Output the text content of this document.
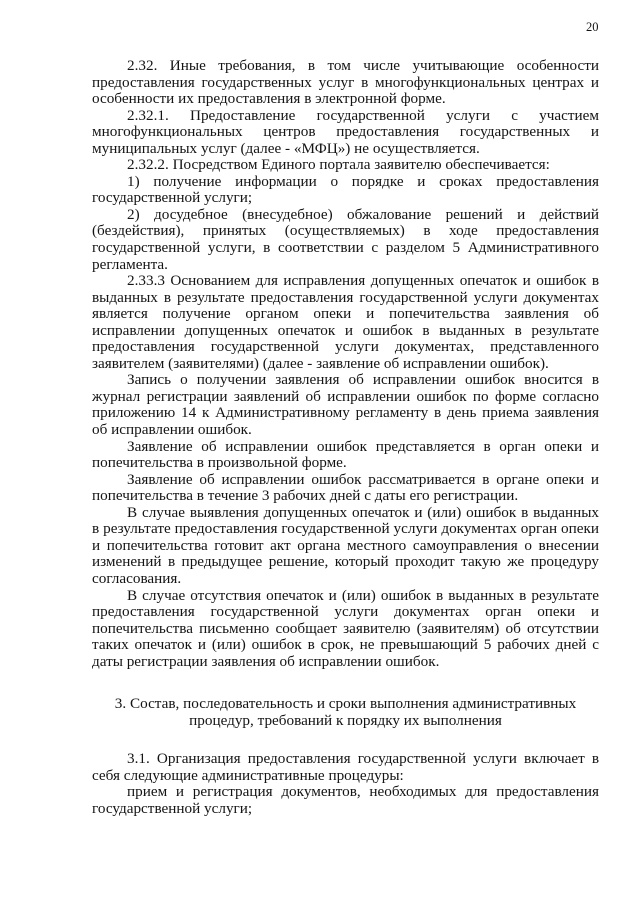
20

2.32. Иные требования, в том числе учитывающие особенности предоставления государственных услуг в многофункциональных центрах и особенности их предоставления в электронной форме.

2.32.1. Предоставление государственной услуги с участием многофункциональных центров предоставления государственных и муниципальных услуг (далее - «МФЦ») не осуществляется.

2.32.2. Посредством Единого портала заявителю обеспечивается:

1) получение информации о порядке и сроках предоставления государственной услуги;

2) досудебное (внесудебное) обжалование решений и действий (бездействия), принятых (осуществляемых) в ходе предоставления государственной услуги, в соответствии с разделом 5 Административного регламента.

2.33.3 Основанием для исправления допущенных опечаток и ошибок в выданных в результате предоставления государственной услуги документах является получение органом опеки и попечительства заявления об исправлении допущенных опечаток и ошибок в выданных в результате предоставления государственной услуги документах, представленного заявителем (заявителями) (далее - заявление об исправлении ошибок).

Запись о получении заявления об исправлении ошибок вносится в журнал регистрации заявлений об исправлении ошибок по форме согласно приложению 14 к Административному регламенту в день приема заявления об исправлении ошибок.

Заявление об исправлении ошибок представляется в орган опеки и попечительства в произвольной форме.

Заявление об исправлении ошибок рассматривается в органе опеки и попечительства в течение 3 рабочих дней с даты его регистрации.

В случае выявления допущенных опечаток и (или) ошибок в выданных в результате предоставления государственной услуги документах орган опеки и попечительства готовит акт органа местного самоуправления о внесении изменений в предыдущее решение, который проходит такую же процедуру согласования.

В случае отсутствия опечаток и (или) ошибок в выданных в результате предоставления государственной услуги документах орган опеки и попечительства письменно сообщает заявителю (заявителям) об отсутствии таких опечаток и (или) ошибок в срок, не превышающий 5 рабочих дней с даты регистрации заявления об исправлении ошибок.

3. Состав, последовательность и сроки выполнения административных
процедур, требований к порядку их выполнения

3.1. Организация предоставления государственной услуги включает в себя следующие административные процедуры:

прием и регистрация документов, необходимых для предоставления государственной услуги;
